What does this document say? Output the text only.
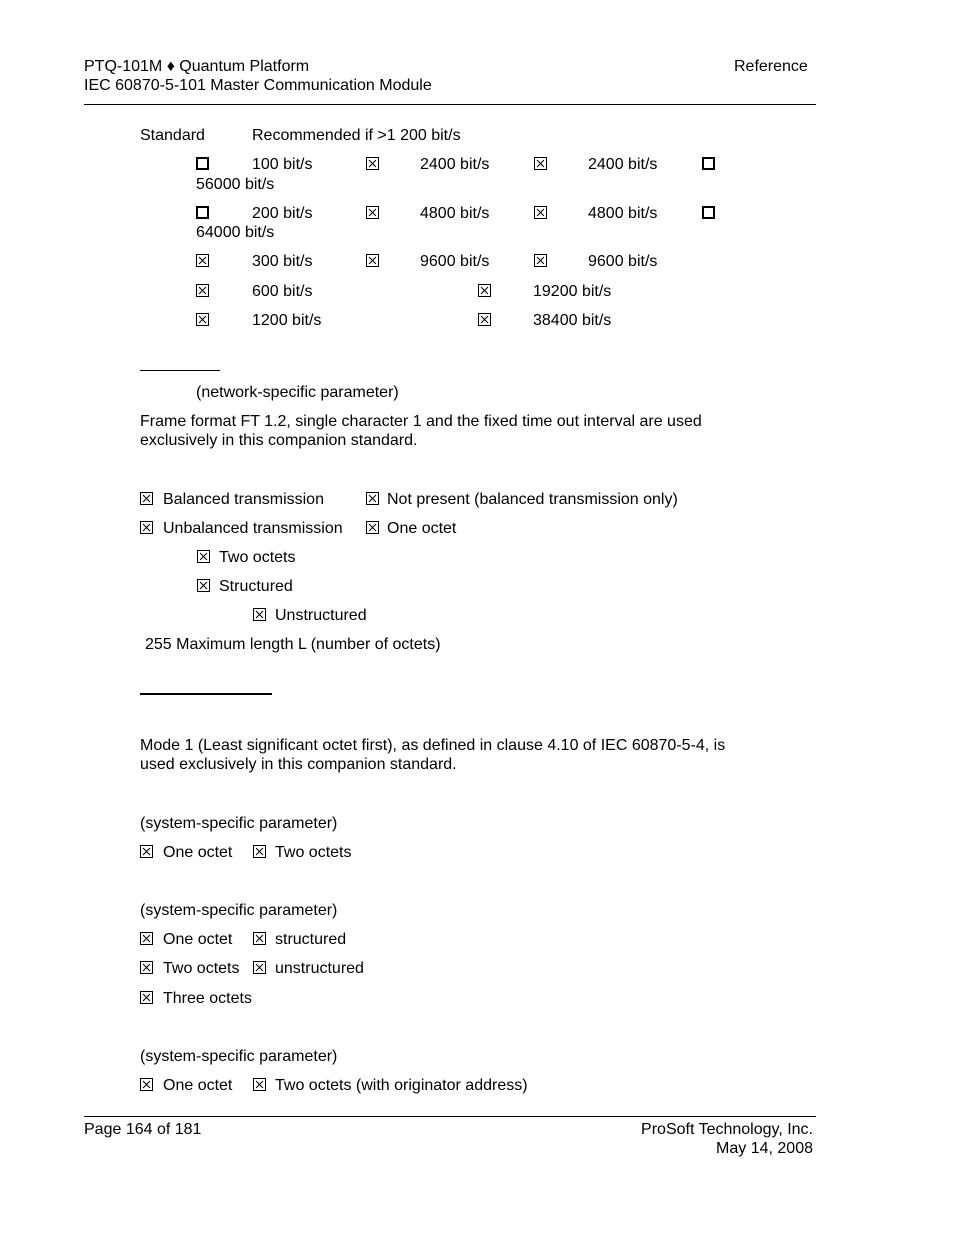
PTQ-101M ♦ Quantum Platform
IEC 60870-5-101 Master Communication Module
Reference
Standard	Recommended if >1 200 bit/s
100 bit/s	2400 bit/s	2400 bit/s
56000 bit/s
200 bit/s	4800 bit/s	4800 bit/s
64000 bit/s
300 bit/s	9600 bit/s	9600 bit/s
600 bit/s	19200 bit/s
1200 bit/s	38400 bit/s
(network-specific parameter)
Frame format FT 1.2, single character 1 and the fixed time out interval are used exclusively in this companion standard.
Balanced transmission	Not present (balanced transmission only)
Unbalanced transmission	One octet
Two octets
Structured
Unstructured
255 Maximum length L (number of octets)
Mode 1 (Least significant octet first), as defined in clause 4.10 of IEC 60870-5-4, is used exclusively in this companion standard.
(system-specific parameter)
One octet	Two octets
(system-specific parameter)
One octet	structured
Two octets unstructured
Three octets
(system-specific parameter)
One octet	Two octets (with originator address)
Page 164 of 181	ProSoft Technology, Inc.
May 14, 2008
